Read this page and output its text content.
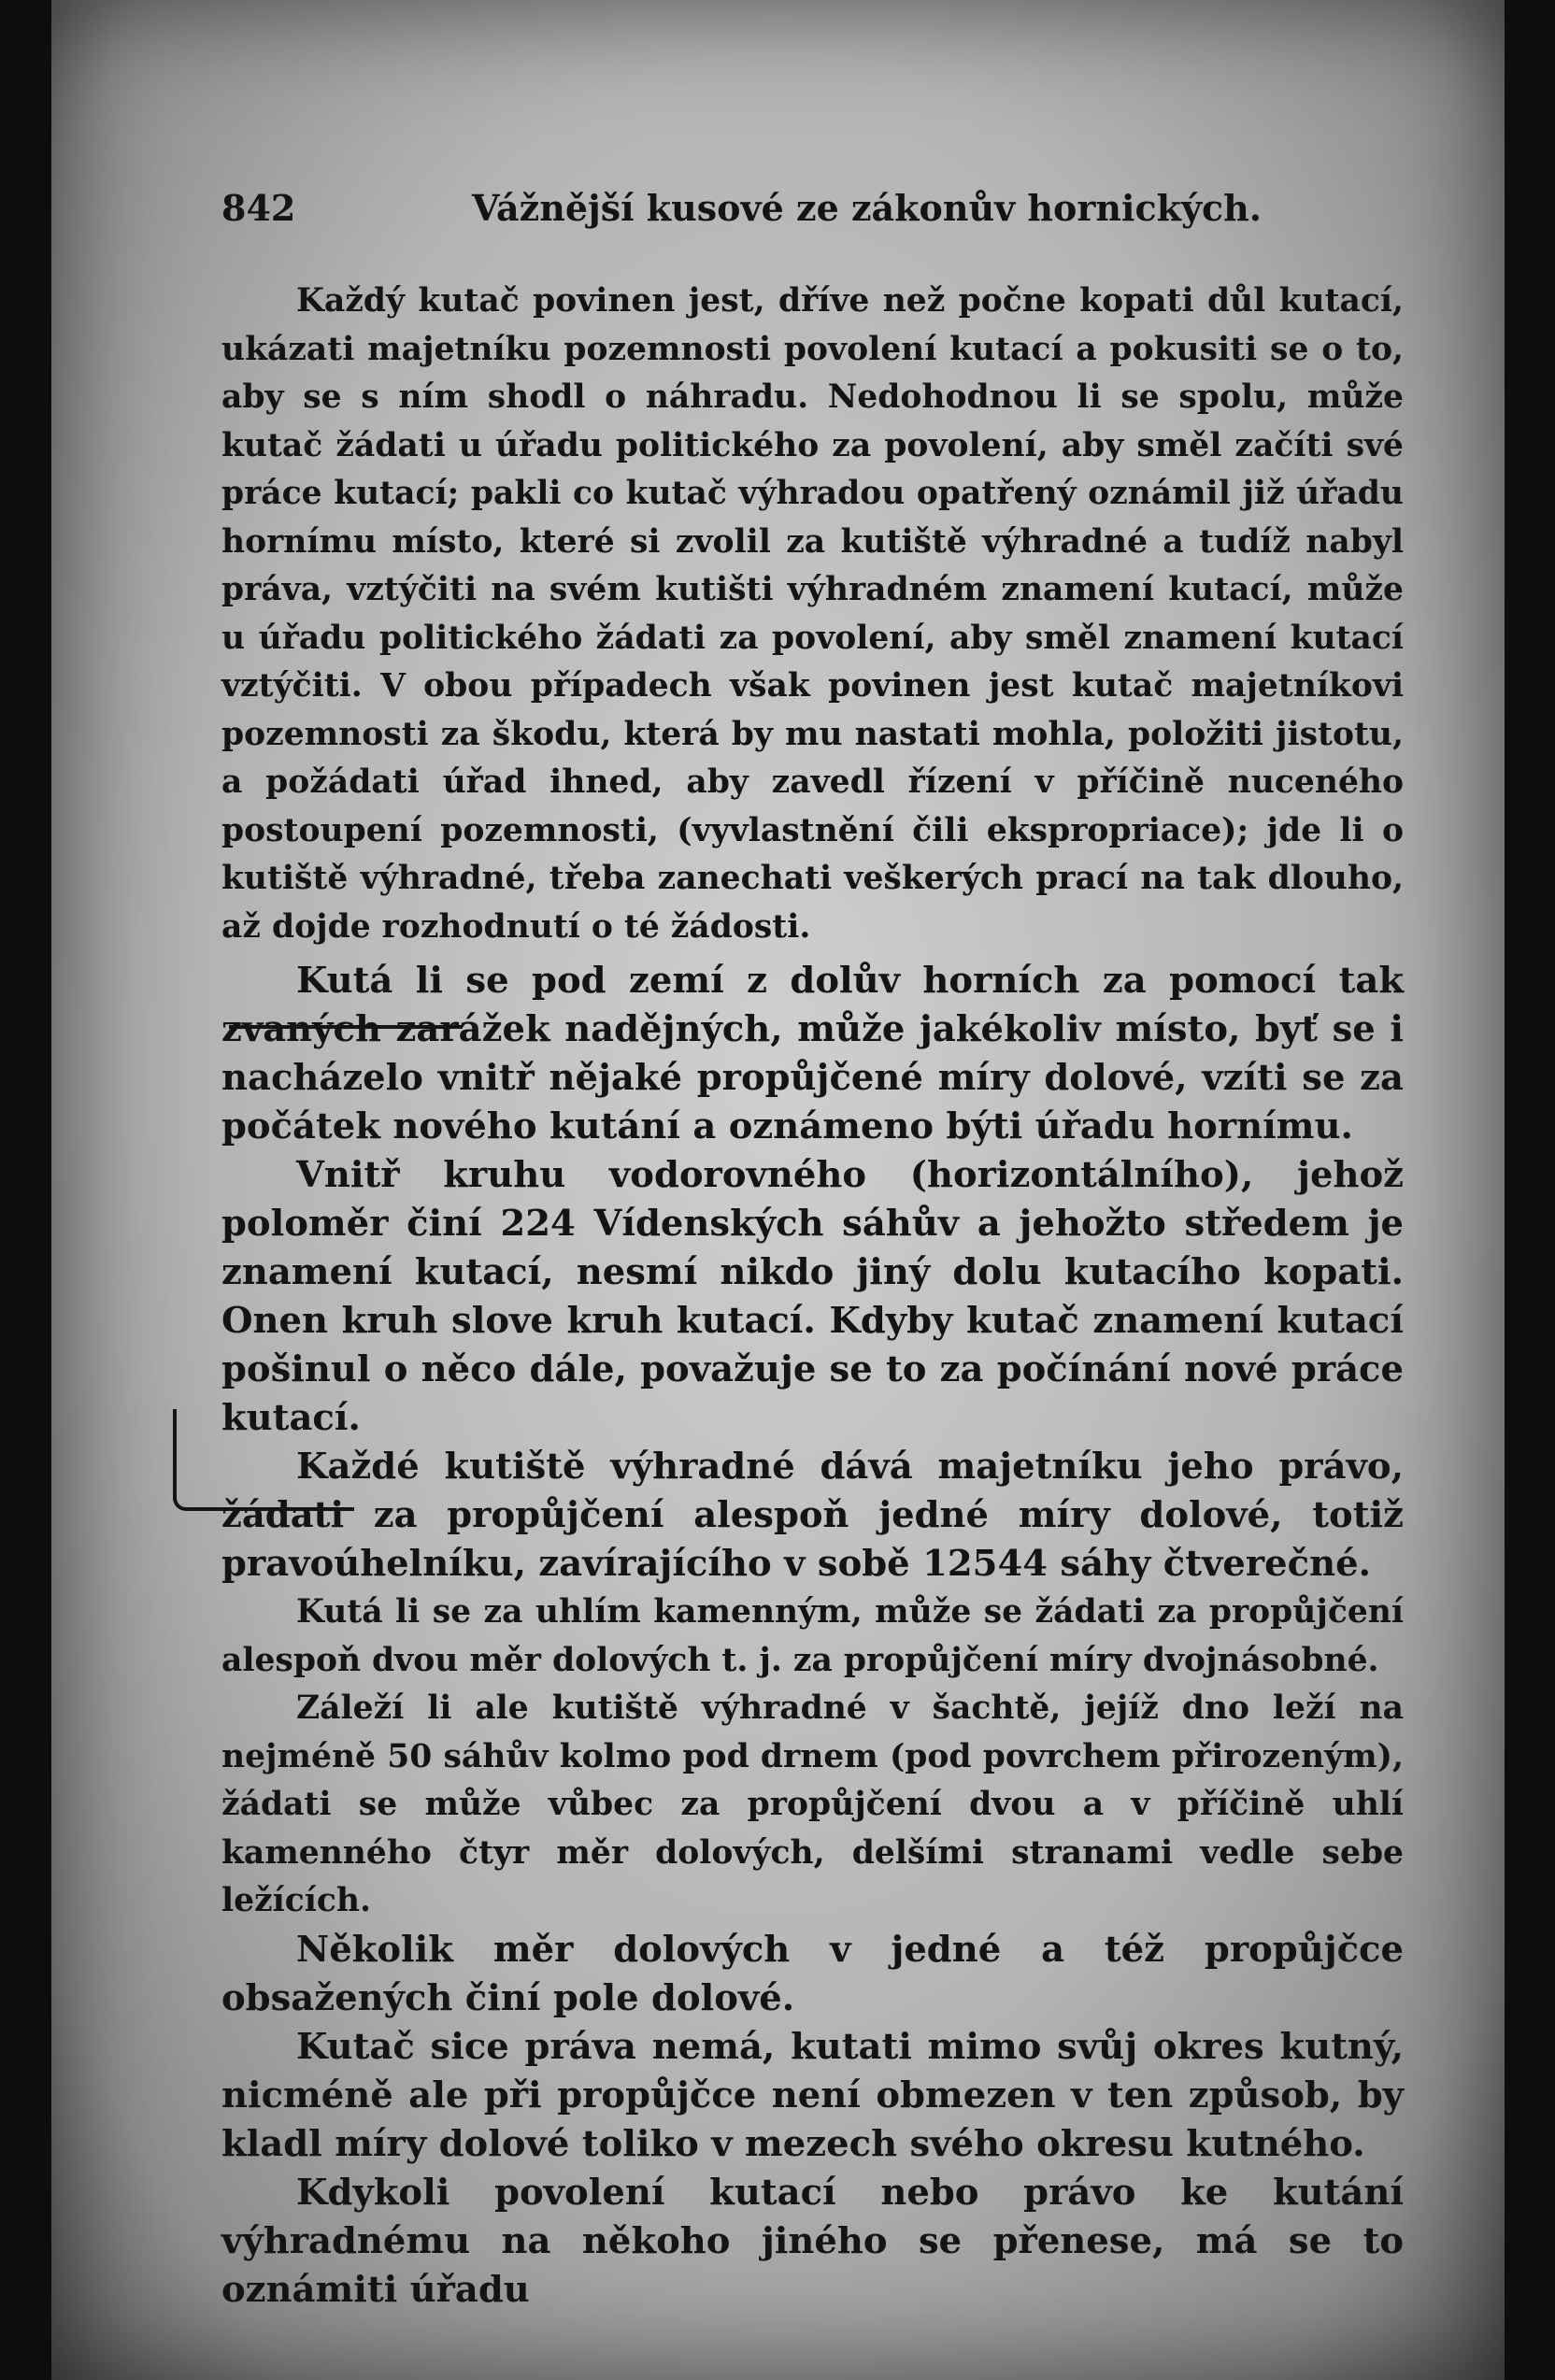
842	Vážnější kusové ze zákonův hornických.

Každý kutač povinen jest, dříve než počne kopati důl kutací, ukázati majetníku pozemnosti povolení kutací a pokusiti se o to, aby se s ním shodl o náhradu. Nedohodnou li se spolu, může kutač žádati u úřadu politického za povolení, aby směl začíti své práce kutací; pakli co kutač výhradou opatřený oznámil již úřadu hornímu místo, které si zvolil za kutiště výhradné a tudíž nabyl práva, vztýčiti na svém kutišti výhradném znamení kutací, může u úřadu politického žádati za povolení, aby směl znamení kutací vztýčiti. V obou případech však povinen jest kutač majetníkovi pozemnosti za škodu, která by mu nastati mohla, položiti jistotu, a požádati úřad ihned, aby zavedl řízení v příčině nuceného postoupení pozemnosti, (vyvlastnění čili ekspropriace); jde li o kutiště výhradné, třeba zanechati veškerých prací na tak dlouho, až dojde rozhodnutí o té žádosti.

Kutá li se pod zemí z dolův horních za pomocí tak zvaných zarážek nadějných, může jakékoliv místo, byť se i nacházelo vnitř nějaké propůjčené míry dolové, vzíti se za počátek nového kutání a oznámeno býti úřadu hornímu.

Vnitř kruhu vodorovného (horizontálního), jehož poloměr činí 224 Vídenských sáhův a jehožto středem je znamení kutací, nesmí nikdo jiný dolu kutacího kopati. Onen kruh slove kruh kutací. Kdyby kutač znamení kutací pošinul o něco dále, považuje se to za počínání nové práce kutací.

Každé kutiště výhradné dává majetníku jeho právo, žádati za propůjčení alespoň jedné míry dolové, totiž pravoúhelníku, zavírajícího v sobě 12544 sáhy čtverečné.

Kutá li se za uhlím kamenným, může se žádati za propůjčení alespoň dvou měr dolových t. j. za propůjčení míry dvojnásobné.

Záleží li ale kutiště výhradné v šachtě, jejíž dno leží na nejméně 50 sáhův kolmo pod drnem (pod povrchem přirozeným), žádati se může vůbec za propůjčení dvou a v příčině uhlí kamenného čtyr měr dolových, delšími stranami vedle sebe ležících.

Několik měr dolových v jedné a též propůjčce obsažených činí pole dolové.

Kutač sice práva nemá, kutati mimo svůj okres kutný, nicméně ale při propůjčce není obmezen v ten způsob, by kladl míry dolové toliko v mezech svého okresu kutného.

Kdykoli povolení kutací nebo právo ke kutání výhradnému na někoho jiného se přenese, má se to oznámiti úřadu
